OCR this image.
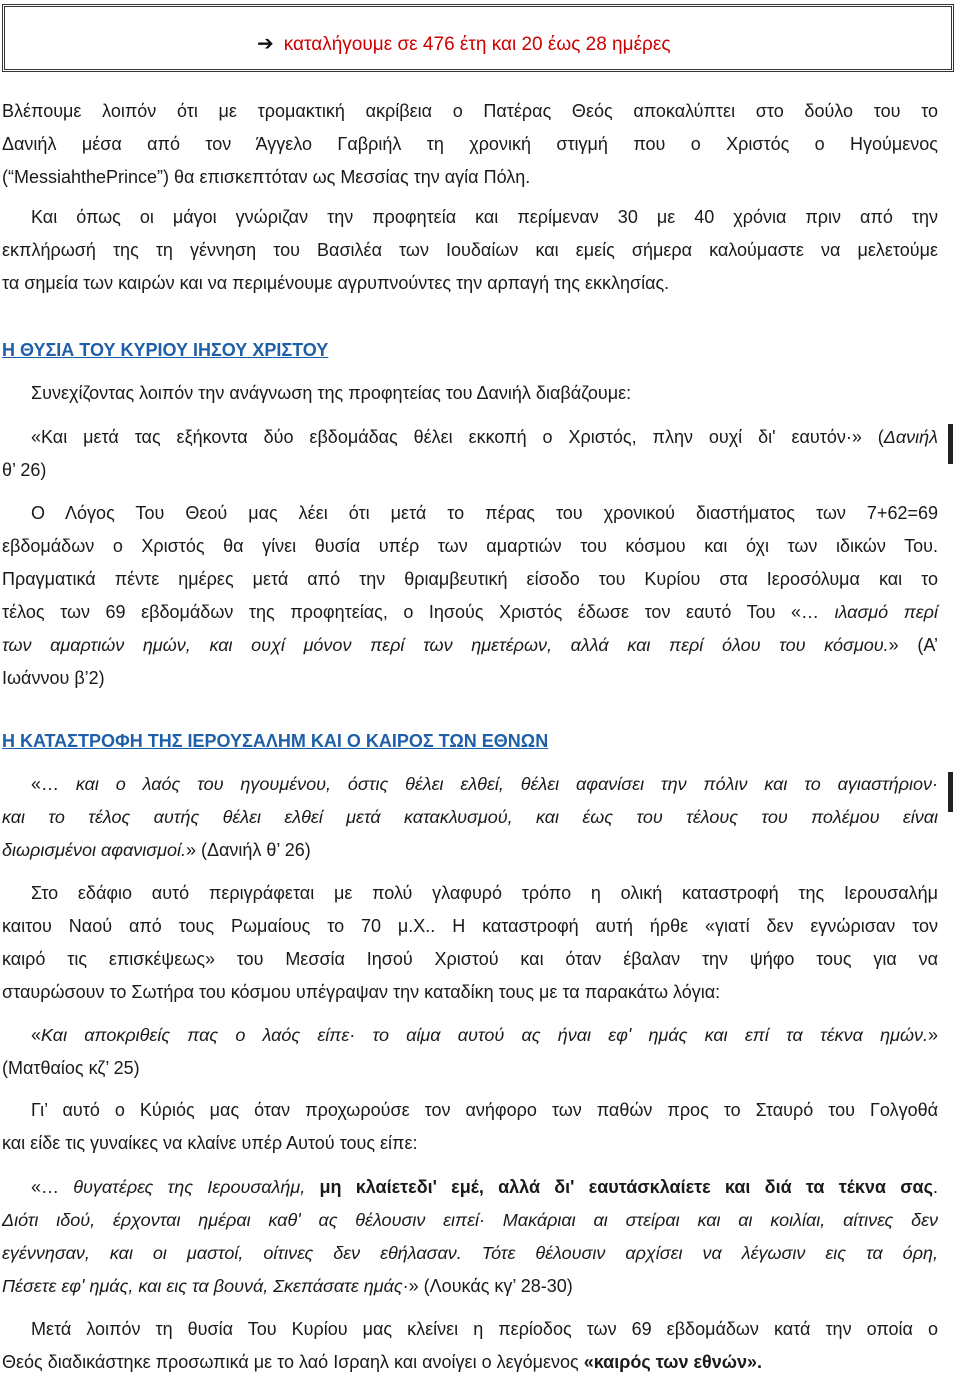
➔ καταλήγουμε σε 476 έτη και 20 έως 28 ημέρες
Βλέπουμε λοιπόν ότι με τρομακτική ακρίβεια ο Πατέρας Θεός αποκαλύπτει στο δούλο του το
Δανιήλ μέσα από τον Άγγελο Γαβριήλ τη χρονική στιγμή που ο Χριστός ο Ηγούμενος
(“MessiahthePrince”) θα επισκεπτόταν ως Μεσσίας την αγία Πόλη.
Και όπως οι μάγοι γνώριζαν την προφητεία και περίμεναν 30 με 40 χρόνια πριν από την
εκπλήρωσή της τη γέννηση του Βασιλέα των Ιουδαίων και εμείς σήμερα καλούμαστε να μελετούμε
τα σημεία των καιρών και να περιμένουμε αγρυπνούντες την αρπαγή της εκκλησίας.
Η ΘΥΣΙΑ ΤΟΥ ΚΥΡΙΟΥ ΙΗΣΟΥ ΧΡΙΣΤΟΥ
Συνεχίζοντας λοιπόν την ανάγνωση της προφητείας του Δανιήλ διαβάζουμε:
«Και μετά τας εξήκοντα δύο εβδομάδας θέλει εκκοπή ο Χριστός, πλην ουχί δι' εαυτόν·» (Δανιήλ
θ’ 26)
Ο Λόγος Του Θεού μας λέει ότι μετά το πέρας του χρονικού διαστήματος των 7+62=69
εβδομάδων ο Χριστός θα γίνει θυσία υπέρ των αμαρτιών του κόσμου και όχι των ιδικών Του.
Πραγματικά πέντε ημέρες μετά από την θριαμβευτική είσοδο του Κυρίου στα Ιεροσόλυμα και το
τέλος των 69 εβδομάδων της προφητείας, ο Ιησούς Χριστός έδωσε τον εαυτό Του «… ιλασμό περί
των αμαρτιών ημών, και ουχί μόνον περί των ημετέρων, αλλά και περί όλου του κόσμου.» (Α’
Ιωάννου β’2)
Η ΚΑΤΑΣΤΡΟΦΗ ΤΗΣ ΙΕΡΟΥΣΑΛΗΜ ΚΑΙ Ο ΚΑΙΡΟΣ ΤΩΝ ΕΘΝΩΝ
«… και ο λαός του ηγουμένου, όστις θέλει ελθεί, θέλει αφανίσει την πόλιν και το αγιαστήριον·
και το τέλος αυτής θέλει ελθεί μετά κατακλυσμού, και έως του τέλους του πολέμου είναι
διωρισμένοι αφανισμοί.» (Δανιήλ θ’ 26)
Στο εδάφιο αυτό περιγράφεται με πολύ γλαφυρό τρόπο η ολική καταστροφή της Ιερουσαλήμ
καιτου Ναού από τους Ρωμαίους το 70 μ.Χ.. Η καταστροφή αυτή ήρθε «γιατί δεν εγνώρισαν τον
καιρό τις επισκέψεως» του Μεσσία Ιησού Χριστού και όταν έβαλαν την ψήφο τους για να
σταυρώσουν το Σωτήρα του κόσμου υπέγραψαν την καταδίκη τους με τα παρακάτω λόγια:
«Και αποκριθείς πας ο λαός είπε· το αίμα αυτού ας ήναι εφ' ημάς και επί τα τέκνα ημών.»
(Ματθαίος κζ’ 25)
Γι’ αυτό ο Κύριός μας όταν προχωρούσε τον ανήφορο των παθών προς το Σταυρό του Γολγοθά
και είδε τις γυναίκες να κλαίνε υπέρ Αυτού τους είπε:
«… θυγατέρες της Ιερουσαλήμ, μη κλαίετεδι' εμέ, αλλά δι' εαυτάσκλαίετε και διά τα τέκνα σας.
Διότι ιδού, έρχονται ημέραι καθ' ας θέλουσιν ειπεί· Μακάριαι αι στείραι και αι κοιλίαι, αίτινες δεν
εγέννησαν, και οι μαστοί, οίτινες δεν εθήλασαν. Τότε θέλουσιν αρχίσει να λέγωσιν εις τα όρη,
Πέσετε εφ' ημάς, και εις τα βουνά, Σκεπάσατε ημάς·» (Λουκάς κγ’ 28-30)
Μετά λοιπόν τη θυσία Του Κυρίου μας κλείνει η περίοδος των 69 εβδομάδων κατά την οποία ο
Θεός διαδικάστηκε προσωπικά με το λαό Ισραηλ και ανοίγει ο λεγόμενος «καιρός των εθνών».
